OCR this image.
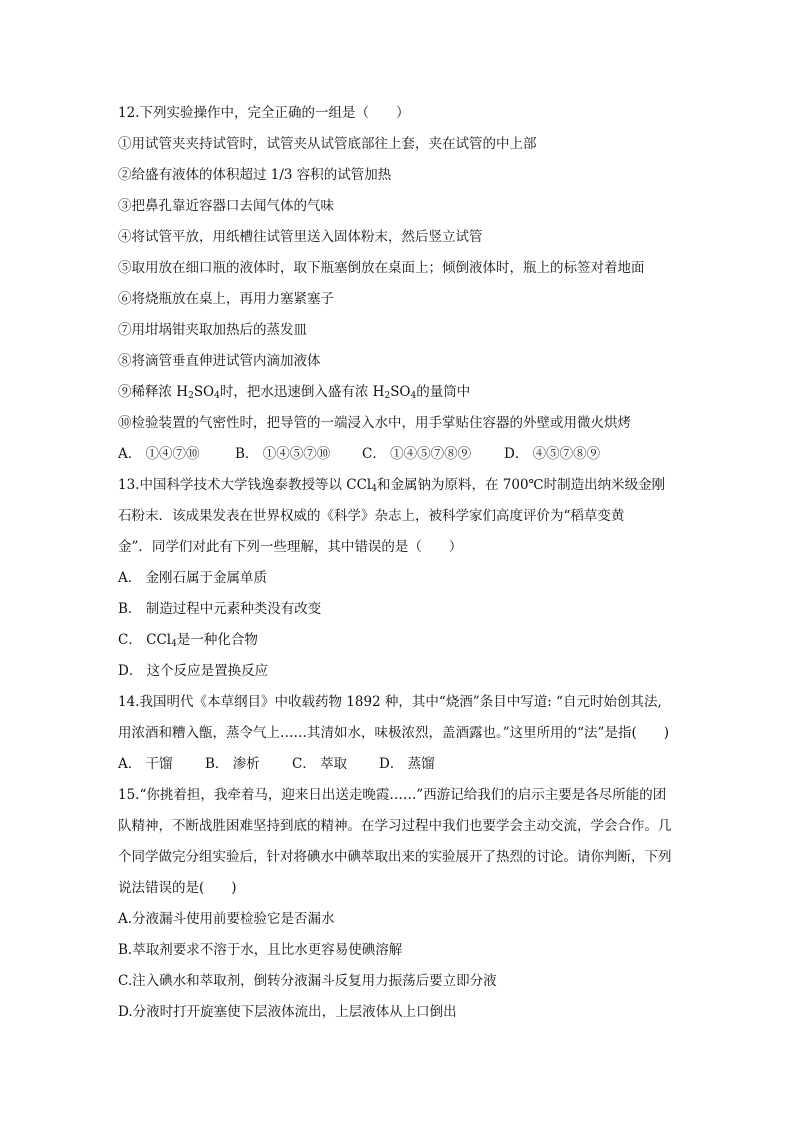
12.下列实验操作中，完全正确的一组是（　　）
①用试管夹夹持试管时，试管夹从试管底部往上套，夹在试管的中上部
②给盛有液体的体积超过 1/3 容积的试管加热
③把鼻孔靠近容器口去闻气体的气味
④将试管平放，用纸槽往试管里送入固体粉末，然后竖立试管
⑤取用放在细口瓶的液体时，取下瓶塞倒放在桌面上；倾倒液体时，瓶上的标签对着地面
⑥将烧瓶放在桌上，再用力塞紧塞子
⑦用坩埚钳夹取加热后的蒸发皿
⑧将滴管垂直伸进试管内滴加液体
⑨稀释浓 $H_2SO_4$时，把水迅速倒入盛有浓 $H_2SO_4$的量筒中
⑩检验装置的气密性时，把导管的一端浸入水中，用手掌贴住容器的外壁或用微火烘烤
A． ①④⑦⑩	B． ①④⑤⑦⑩ C． ①④⑤⑦⑧⑨ D． ④⑤⑦⑧⑨
13.中国科学技术大学钱逸泰教授等以 CCl$_4$和金属钠为原料，在 700℃时制造出纳米级金刚
石粉末．该成果发表在世界权威的《科学》杂志上，被科学家们高度评价为“稻草变黄
金”．同学们对此有下列一些理解，其中错误的是（　　）
A． 金刚石属于金属单质
B． 制造过程中元素种类没有改变
C． CCl$_4$是一种化合物
D． 这个反应是置换反应
14.我国明代《本草纲目》中收载药物 1892 种，其中“烧酒”条目中写道: “自元时始创其法,
用浓酒和糟入甑，蒸令气上……其清如水，味极浓烈，盖酒露也。”这里所用的“法”是指(　　)
A． 干馏 B． 渗析 C． 萃取 D． 蒸馏
15.“你挑着担，我牵着马，迎来日出送走晚霞……”西游记给我们的启示主要是各尽所能的团
队精神，不断战胜困难坚持到底的精神。在学习过程中我们也要学会主动交流，学会合作。几
个同学做完分组实验后，针对将碘水中碘萃取出来的实验展开了热烈的讨论。请你判断，下列
说法错误的是(　　)
A.分液漏斗使用前要检验它是否漏水
B.萃取剂要求不溶于水，且比水更容易使碘溶解
C.注入碘水和萃取剂，倒转分液漏斗反复用力振荡后要立即分液
D.分液时打开旋塞使下层液体流出，上层液体从上口倒出
